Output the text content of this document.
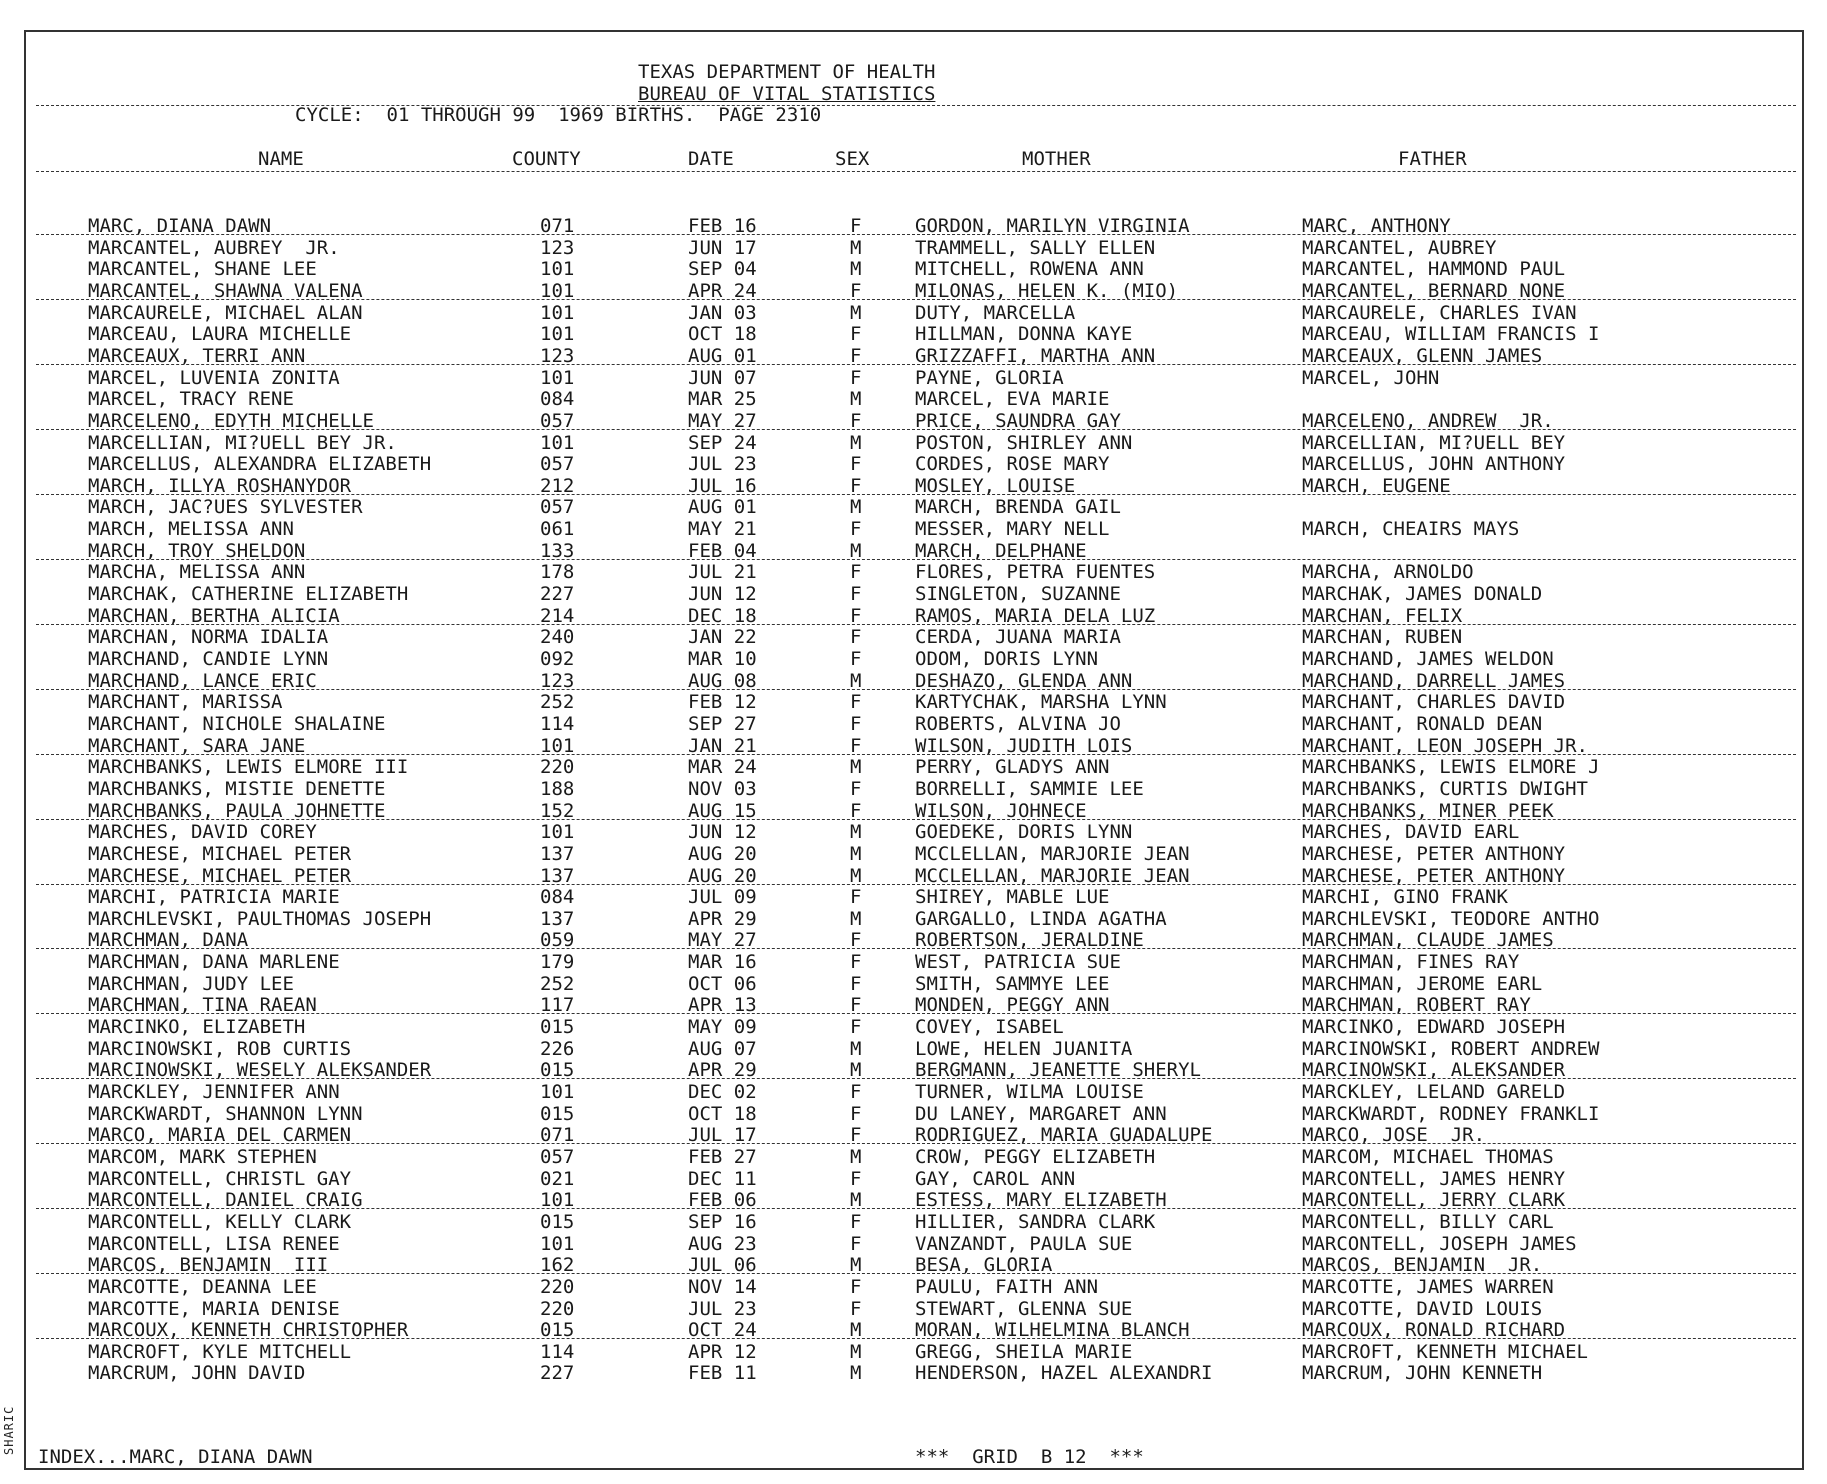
SHARIC
TEXAS DEPARTMENT OF HEALTH
BUREAU OF VITAL STATISTICS
CYCLE:  01 THROUGH 99  1969 BIRTHS.  PAGE 2310
NAME	COUNTY	DATE	SEX	MOTHER	FATHER
MARC, DIANA DAWN	071	FEB 16	F	GORDON, MARILYN VIRGINIA	MARC, ANTHONY
MARCANTEL, AUBREY  JR.	123	JUN 17	M	TRAMMELL, SALLY ELLEN	MARCANTEL, AUBREY
MARCANTEL, SHANE LEE	101	SEP 04	M	MITCHELL, ROWENA ANN	MARCANTEL, HAMMOND PAUL
MARCANTEL, SHAWNA VALENA	101	APR 24	F	MILONAS, HELEN K. (MIO)	MARCANTEL, BERNARD NONE
MARCAURELE, MICHAEL ALAN	101	JAN 03	M	DUTY, MARCELLA	MARCAURELE, CHARLES IVAN
MARCEAU, LAURA MICHELLE	101	OCT 18	F	HILLMAN, DONNA KAYE	MARCEAU, WILLIAM FRANCIS I
MARCEAUX, TERRI ANN	123	AUG 01	F	GRIZZAFFI, MARTHA ANN	MARCEAUX, GLENN JAMES
MARCEL, LUVENIA ZONITA	101	JUN 07	F	PAYNE, GLORIA	MARCEL, JOHN
MARCEL, TRACY RENE	084	MAR 25	M	MARCEL, EVA MARIE
MARCELENO, EDYTH MICHELLE	057	MAY 27	F	PRICE, SAUNDRA GAY	MARCELENO, ANDREW  JR.
MARCELLIAN, MI?UELL BEY JR.	101	SEP 24	M	POSTON, SHIRLEY ANN	MARCELLIAN, MI?UELL BEY
MARCELLUS, ALEXANDRA ELIZABETH	057	JUL 23	F	CORDES, ROSE MARY	MARCELLUS, JOHN ANTHONY
MARCH, ILLYA ROSHANYDOR	212	JUL 16	F	MOSLEY, LOUISE	MARCH, EUGENE
MARCH, JAC?UES SYLVESTER	057	AUG 01	M	MARCH, BRENDA GAIL
MARCH, MELISSA ANN	061	MAY 21	F	MESSER, MARY NELL	MARCH, CHEAIRS MAYS
MARCH, TROY SHELDON	133	FEB 04	M	MARCH, DELPHANE
MARCHA, MELISSA ANN	178	JUL 21	F	FLORES, PETRA FUENTES	MARCHA, ARNOLDO
MARCHAK, CATHERINE ELIZABETH	227	JUN 12	F	SINGLETON, SUZANNE	MARCHAK, JAMES DONALD
MARCHAN, BERTHA ALICIA	214	DEC 18	F	RAMOS, MARIA DELA LUZ	MARCHAN, FELIX
MARCHAN, NORMA IDALIA	240	JAN 22	F	CERDA, JUANA MARIA	MARCHAN, RUBEN
MARCHAND, CANDIE LYNN	092	MAR 10	F	ODOM, DORIS LYNN	MARCHAND, JAMES WELDON
MARCHAND, LANCE ERIC	123	AUG 08	M	DESHAZO, GLENDA ANN	MARCHAND, DARRELL JAMES
MARCHANT, MARISSA	252	FEB 12	F	KARTYCHAK, MARSHA LYNN	MARCHANT, CHARLES DAVID
MARCHANT, NICHOLE SHALAINE	114	SEP 27	F	ROBERTS, ALVINA JO	MARCHANT, RONALD DEAN
MARCHANT, SARA JANE	101	JAN 21	F	WILSON, JUDITH LOIS	MARCHANT, LEON JOSEPH JR.
MARCHBANKS, LEWIS ELMORE III	220	MAR 24	M	PERRY, GLADYS ANN	MARCHBANKS, LEWIS ELMORE J
MARCHBANKS, MISTIE DENETTE	188	NOV 03	F	BORRELLI, SAMMIE LEE	MARCHBANKS, CURTIS DWIGHT
MARCHBANKS, PAULA JOHNETTE	152	AUG 15	F	WILSON, JOHNECE	MARCHBANKS, MINER PEEK
MARCHES, DAVID COREY	101	JUN 12	M	GOEDEKE, DORIS LYNN	MARCHES, DAVID EARL
MARCHESE, MICHAEL PETER	137	AUG 20	M	MCCLELLAN, MARJORIE JEAN	MARCHESE, PETER ANTHONY
MARCHESE, MICHAEL PETER	137	AUG 20	M	MCCLELLAN, MARJORIE JEAN	MARCHESE, PETER ANTHONY
MARCHI, PATRICIA MARIE	084	JUL 09	F	SHIREY, MABLE LUE	MARCHI, GINO FRANK
MARCHLEVSKI, PAULTHOMAS JOSEPH	137	APR 29	M	GARGALLO, LINDA AGATHA	MARCHLEVSKI, TEODORE ANTHO
MARCHMAN, DANA	059	MAY 27	F	ROBERTSON, JERALDINE	MARCHMAN, CLAUDE JAMES
MARCHMAN, DANA MARLENE	179	MAR 16	F	WEST, PATRICIA SUE	MARCHMAN, FINES RAY
MARCHMAN, JUDY LEE	252	OCT 06	F	SMITH, SAMMYE LEE	MARCHMAN, JEROME EARL
MARCHMAN, TINA RAEAN	117	APR 13	F	MONDEN, PEGGY ANN	MARCHMAN, ROBERT RAY
MARCINKO, ELIZABETH	015	MAY 09	F	COVEY, ISABEL	MARCINKO, EDWARD JOSEPH
MARCINOWSKI, ROB CURTIS	226	AUG 07	M	LOWE, HELEN JUANITA	MARCINOWSKI, ROBERT ANDREW
MARCINOWSKI, WESELY ALEKSANDER	015	APR 29	M	BERGMANN, JEANETTE SHERYL	MARCINOWSKI, ALEKSANDER
MARCKLEY, JENNIFER ANN	101	DEC 02	F	TURNER, WILMA LOUISE	MARCKLEY, LELAND GARELD
MARCKWARDT, SHANNON LYNN	015	OCT 18	F	DU LANEY, MARGARET ANN	MARCKWARDT, RODNEY FRANKLI
MARCO, MARIA DEL CARMEN	071	JUL 17	F	RODRIGUEZ, MARIA GUADALUPE	MARCO, JOSE  JR.
MARCOM, MARK STEPHEN	057	FEB 27	M	CROW, PEGGY ELIZABETH	MARCOM, MICHAEL THOMAS
MARCONTELL, CHRISTL GAY	021	DEC 11	F	GAY, CAROL ANN	MARCONTELL, JAMES HENRY
MARCONTELL, DANIEL CRAIG	101	FEB 06	M	ESTESS, MARY ELIZABETH	MARCONTELL, JERRY CLARK
MARCONTELL, KELLY CLARK	015	SEP 16	F	HILLIER, SANDRA CLARK	MARCONTELL, BILLY CARL
MARCONTELL, LISA RENEE	101	AUG 23	F	VANZANDT, PAULA SUE	MARCONTELL, JOSEPH JAMES
MARCOS, BENJAMIN  III	162	JUL 06	M	BESA, GLORIA	MARCOS, BENJAMIN  JR.
MARCOTTE, DEANNA LEE	220	NOV 14	F	PAULU, FAITH ANN	MARCOTTE, JAMES WARREN
MARCOTTE, MARIA DENISE	220	JUL 23	F	STEWART, GLENNA SUE	MARCOTTE, DAVID LOUIS
MARCOUX, KENNETH CHRISTOPHER	015	OCT 24	M	MORAN, WILHELMINA BLANCH	MARCOUX, RONALD RICHARD
MARCROFT, KYLE MITCHELL	114	APR 12	M	GREGG, SHEILA MARIE	MARCROFT, KENNETH MICHAEL
MARCRUM, JOHN DAVID	227	FEB 11	M	HENDERSON, HAZEL ALEXANDRI	MARCRUM, JOHN KENNETH
INDEX...MARC, DIANA DAWN	***  GRID  B 12  ***
